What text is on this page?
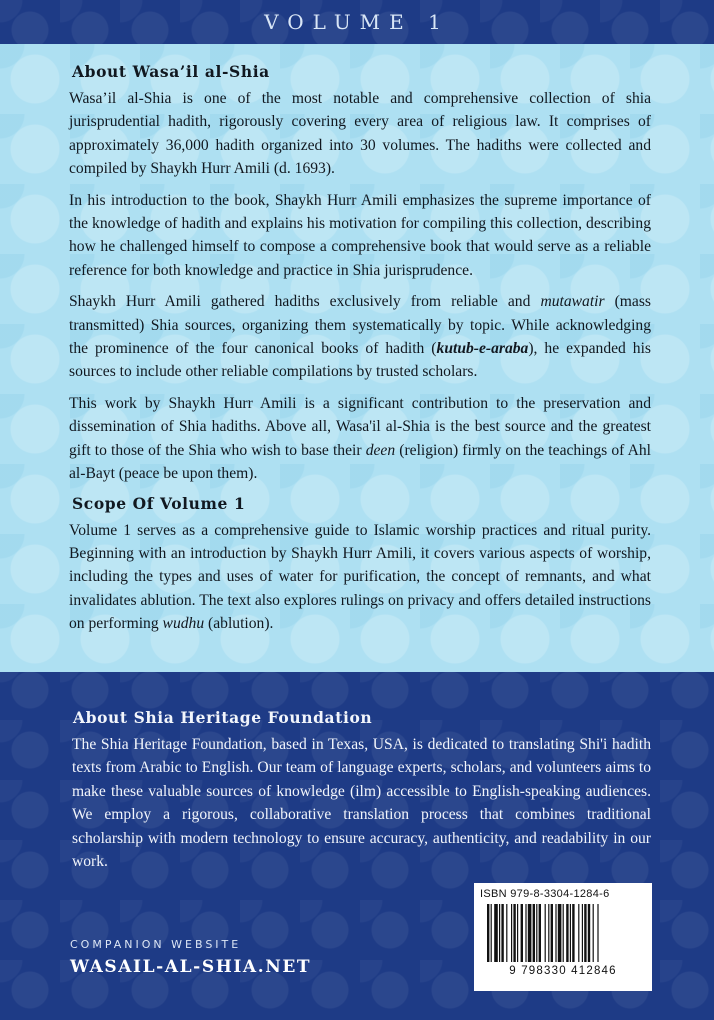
VOLUME 1
About Wasa’il al-Shia

Wasa’il al-Shia is one of the most notable and comprehensive collection of shia jurisprudential hadith, rigorously covering every area of religious law. It comprises of approximately 36,000 hadith organized into 30 volumes. The hadiths were collected and compiled by Shaykh Hurr Amili (d. 1693).

In his introduction to the book, Shaykh Hurr Amili emphasizes the supreme importance of the knowledge of hadith and explains his motivation for compiling this collection, describing how he challenged himself to compose a comprehensive book that would serve as a reliable reference for both knowledge and practice in Shia jurisprudence.

Shaykh Hurr Amili gathered hadiths exclusively from reliable and mutawatir (mass transmitted) Shia sources, organizing them systematically by topic. While acknowledging the prominence of the four canonical books of hadith (kutub-e-araba), he expanded his sources to include other reliable compilations by trusted scholars.

This work by Shaykh Hurr Amili is a significant contribution to the preservation and dissemination of Shia hadiths. Above all, Wasa'il al-Shia is the best source and the greatest gift to those of the Shia who wish to base their deen (religion) firmly on the teachings of Ahl al-Bayt (peace be upon them).

Scope Of Volume 1

Volume 1 serves as a comprehensive guide to Islamic worship practices and ritual purity. Beginning with an introduction by Shaykh Hurr Amili, it covers various aspects of worship, including the types and uses of water for purification, the concept of remnants, and what invalidates ablution. The text also explores rulings on privacy and offers detailed instructions on performing wudhu (ablution).

About Shia Heritage Foundation

The Shia Heritage Foundation, based in Texas, USA, is dedicated to translating Shi'i hadith texts from Arabic to English. Our team of language experts, scholars, and volunteers aims to make these valuable sources of knowledge (ilm) accessible to English-speaking audiences. We employ a rigorous, collaborative translation process that combines traditional scholarship with modern technology to ensure accuracy, authenticity, and readability in our work.

COMPANION WEBSITE
WASAIL-AL-SHIA.NET
ISBN 979-8-3304-1284-6
9 798330 412846
